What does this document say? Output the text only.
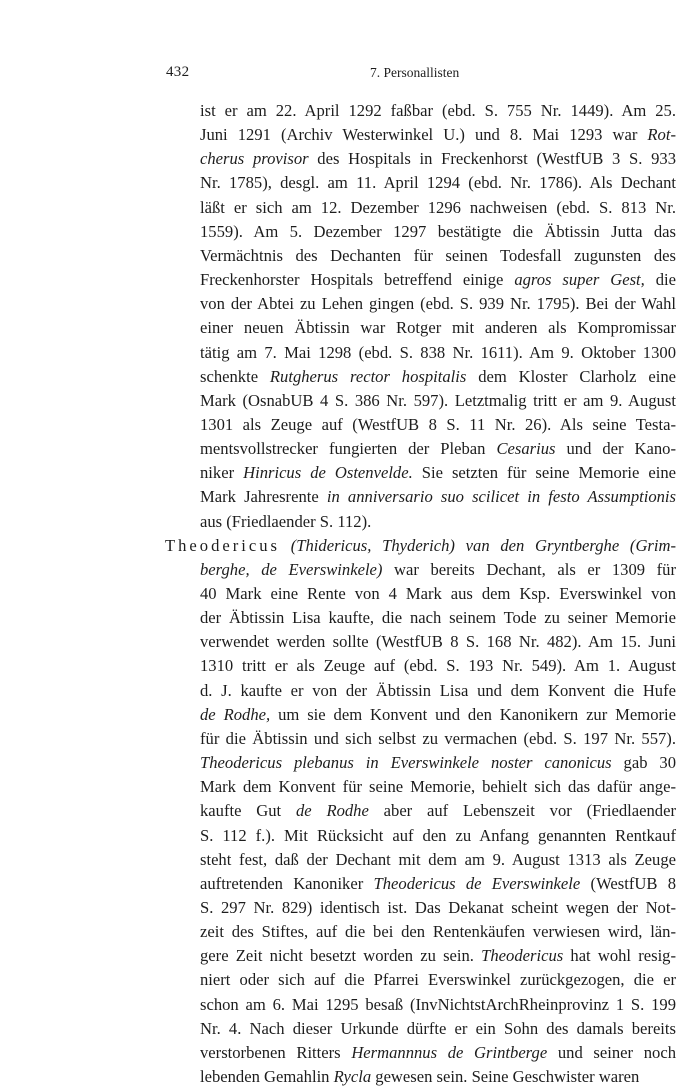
432	7. Personallisten
ist er am 22. April 1292 faßbar (ebd. S. 755 Nr. 1449). Am 25.
Juni 1291 (Archiv Westerwinkel U.) und 8. Mai 1293 war Rot-
cherus provisor des Hospitals in Freckenhorst (WestfUB 3 S. 933
Nr. 1785), desgl. am 11. April 1294 (ebd. Nr. 1786). Als Dechant
läßt er sich am 12. Dezember 1296 nachweisen (ebd. S. 813 Nr.
1559). Am 5. Dezember 1297 bestätigte die Äbtissin Jutta das
Vermächtnis des Dechanten für seinen Todesfall zugunsten des
Freckenhorster Hospitals betreffend einige agros super Gest, die
von der Abtei zu Lehen gingen (ebd. S. 939 Nr. 1795). Bei der Wahl
einer neuen Äbtissin war Rotger mit anderen als Kompromissar
tätig am 7. Mai 1298 (ebd. S. 838 Nr. 1611). Am 9. Oktober 1300
schenkte Rutgherus rector hospitalis dem Kloster Clarholz eine
Mark (OsnabUB 4 S. 386 Nr. 597). Letztmalig tritt er am 9. August
1301 als Zeuge auf (WestfUB 8 S. 11 Nr. 26). Als seine Testa-
mentsvollstrecker fungierten der Pleban Cesarius und der Kano-
niker Hinricus de Ostenvelde. Sie setzten für seine Memorie eine
Mark Jahresrente in anniversario suo scilicet in festo Assumptionis
aus (Friedlaender S. 112).
Theodericus (Thidericus, Thyderich) van den Gryntberghe (Grim-
berghe, de Everswinkele) war bereits Dechant, als er 1309 für
40 Mark eine Rente von 4 Mark aus dem Ksp. Everswinkel von
der Äbtissin Lisa kaufte, die nach seinem Tode zu seiner Memorie
verwendet werden sollte (WestfUB 8 S. 168 Nr. 482). Am 15. Juni
1310 tritt er als Zeuge auf (ebd. S. 193 Nr. 549). Am 1. August
d. J. kaufte er von der Äbtissin Lisa und dem Konvent die Hufe
de Rodhe, um sie dem Konvent und den Kanonikern zur Memorie
für die Äbtissin und sich selbst zu vermachen (ebd. S. 197 Nr. 557).
Theodericus plebanus in Everswinkele noster canonicus gab 30
Mark dem Konvent für seine Memorie, behielt sich das dafür ange-
kaufte Gut de Rodhe aber auf Lebenszeit vor (Friedlaender
S. 112 f.). Mit Rücksicht auf den zu Anfang genannten Rentkauf
steht fest, daß der Dechant mit dem am 9. August 1313 als Zeuge
auftretenden Kanoniker Theodericus de Everswinkele (WestfUB 8
S. 297 Nr. 829) identisch ist. Das Dekanat scheint wegen der Not-
zeit des Stiftes, auf die bei den Rentenkäufen verwiesen wird, län-
gere Zeit nicht besetzt worden zu sein. Theodericus hat wohl resig-
niert oder sich auf die Pfarrei Everswinkel zurückgezogen, die er
schon am 6. Mai 1295 besaß (InvNichtstArchRheinprovinz 1 S. 199
Nr. 4. Nach dieser Urkunde dürfte er ein Sohn des damals bereits
verstorbenen Ritters Hermannnus de Grintberge und seiner noch
lebenden Gemahlin Rycla gewesen sein. Seine Geschwister waren
